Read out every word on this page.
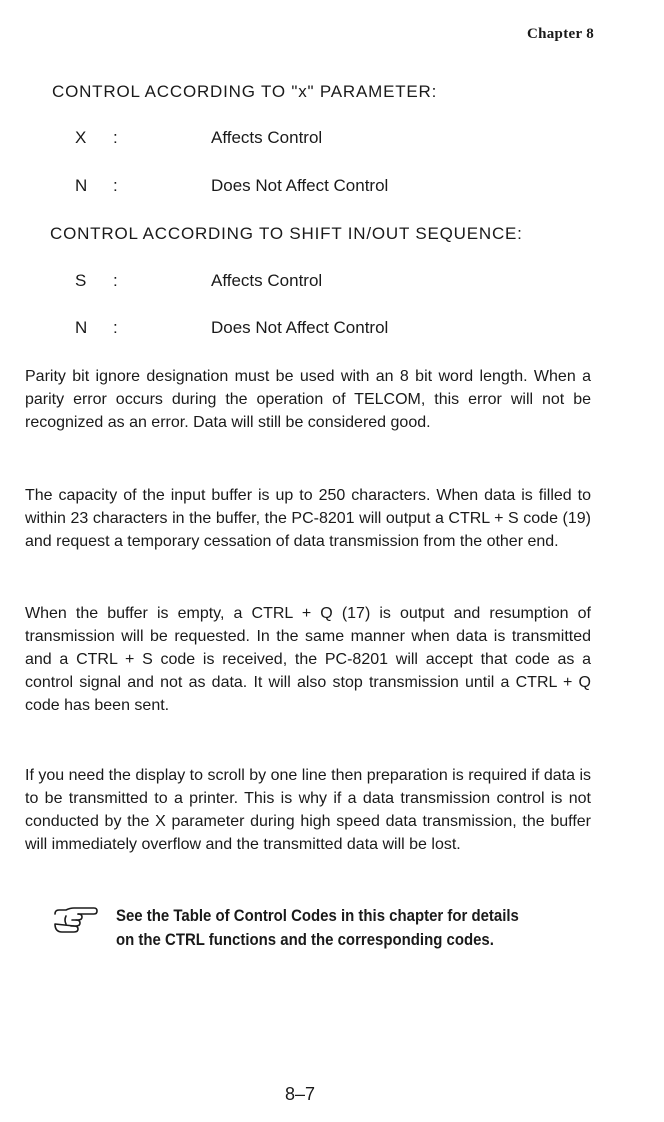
Chapter 8
CONTROL ACCORDING TO "x" PARAMETER:
X :	Affects Control
N :	Does Not Affect Control
CONTROL ACCORDING TO SHIFT IN/OUT SEQUENCE:
S :	Affects Control
N :	Does Not Affect Control

Parity bit ignore designation must be used with an 8 bit word length. When a parity error occurs during the operation of TELCOM, this error will not be recognized as an error. Data will still be considered good.

The capacity of the input buffer is up to 250 characters. When data is filled to within 23 characters in the buffer, the PC-8201 will output a CTRL + S code (19) and request a temporary cessation of data transmission from the other end.

When the buffer is empty, a CTRL + Q (17) is output and resumption of transmission will be requested. In the same manner when data is transmitted and a CTRL + S code is received, the PC-8201 will accept that code as a control signal and not as data. It will also stop transmission until a CTRL + Q code has been sent.

If you need the display to scroll by one line then preparation is required if data is to be transmitted to a printer. This is why if a data transmission control is not conducted by the X parameter during high speed data transmission, the buffer will immediately overflow and the transmitted data will be lost.

See the Table of Control Codes in this chapter for details
on the CTRL functions and the corresponding codes.
8–7
